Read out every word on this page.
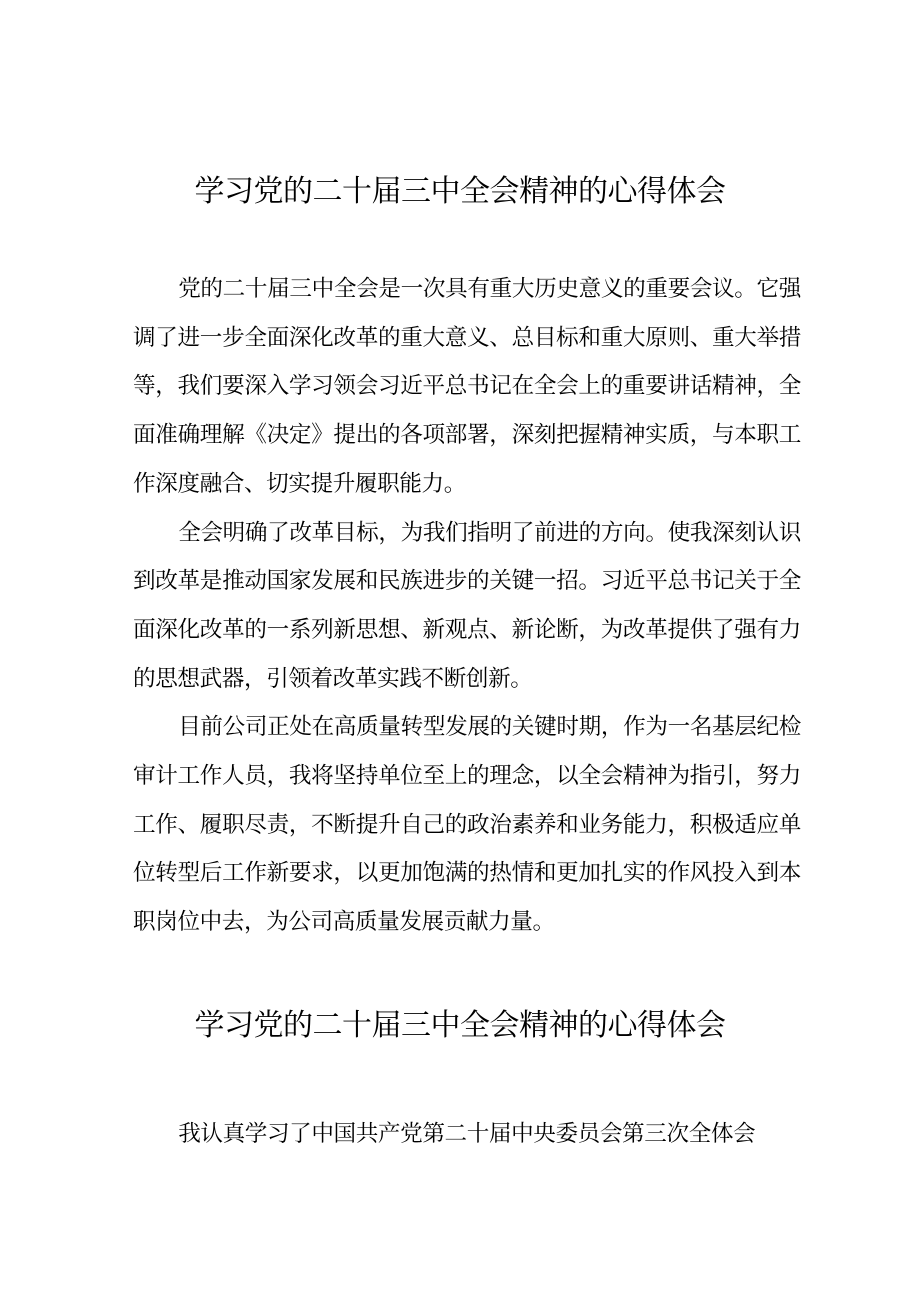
学习党的二十届三中全会精神的心得体会

党的二十届三中全会是一次具有重大历史意义的重要会议。它强调了进一步全面深化改革的重大意义、总目标和重大原则、重大举措等，我们要深入学习领会习近平总书记在全会上的重要讲话精神，全面准确理解《决定》提出的各项部署，深刻把握精神实质，与本职工作深度融合、切实提升履职能力。

全会明确了改革目标，为我们指明了前进的方向。使我深刻认识到改革是推动国家发展和民族进步的关键一招。习近平总书记关于全面深化改革的一系列新思想、新观点、新论断，为改革提供了强有力的思想武器，引领着改革实践不断创新。

目前公司正处在高质量转型发展的关键时期，作为一名基层纪检审计工作人员，我将坚持单位至上的理念，以全会精神为指引，努力工作、履职尽责，不断提升自己的政治素养和业务能力，积极适应单位转型后工作新要求，以更加饱满的热情和更加扎实的作风投入到本职岗位中去，为公司高质量发展贡献力量。

学习党的二十届三中全会精神的心得体会

我认真学习了中国共产党第二十届中央委员会第三次全体会
